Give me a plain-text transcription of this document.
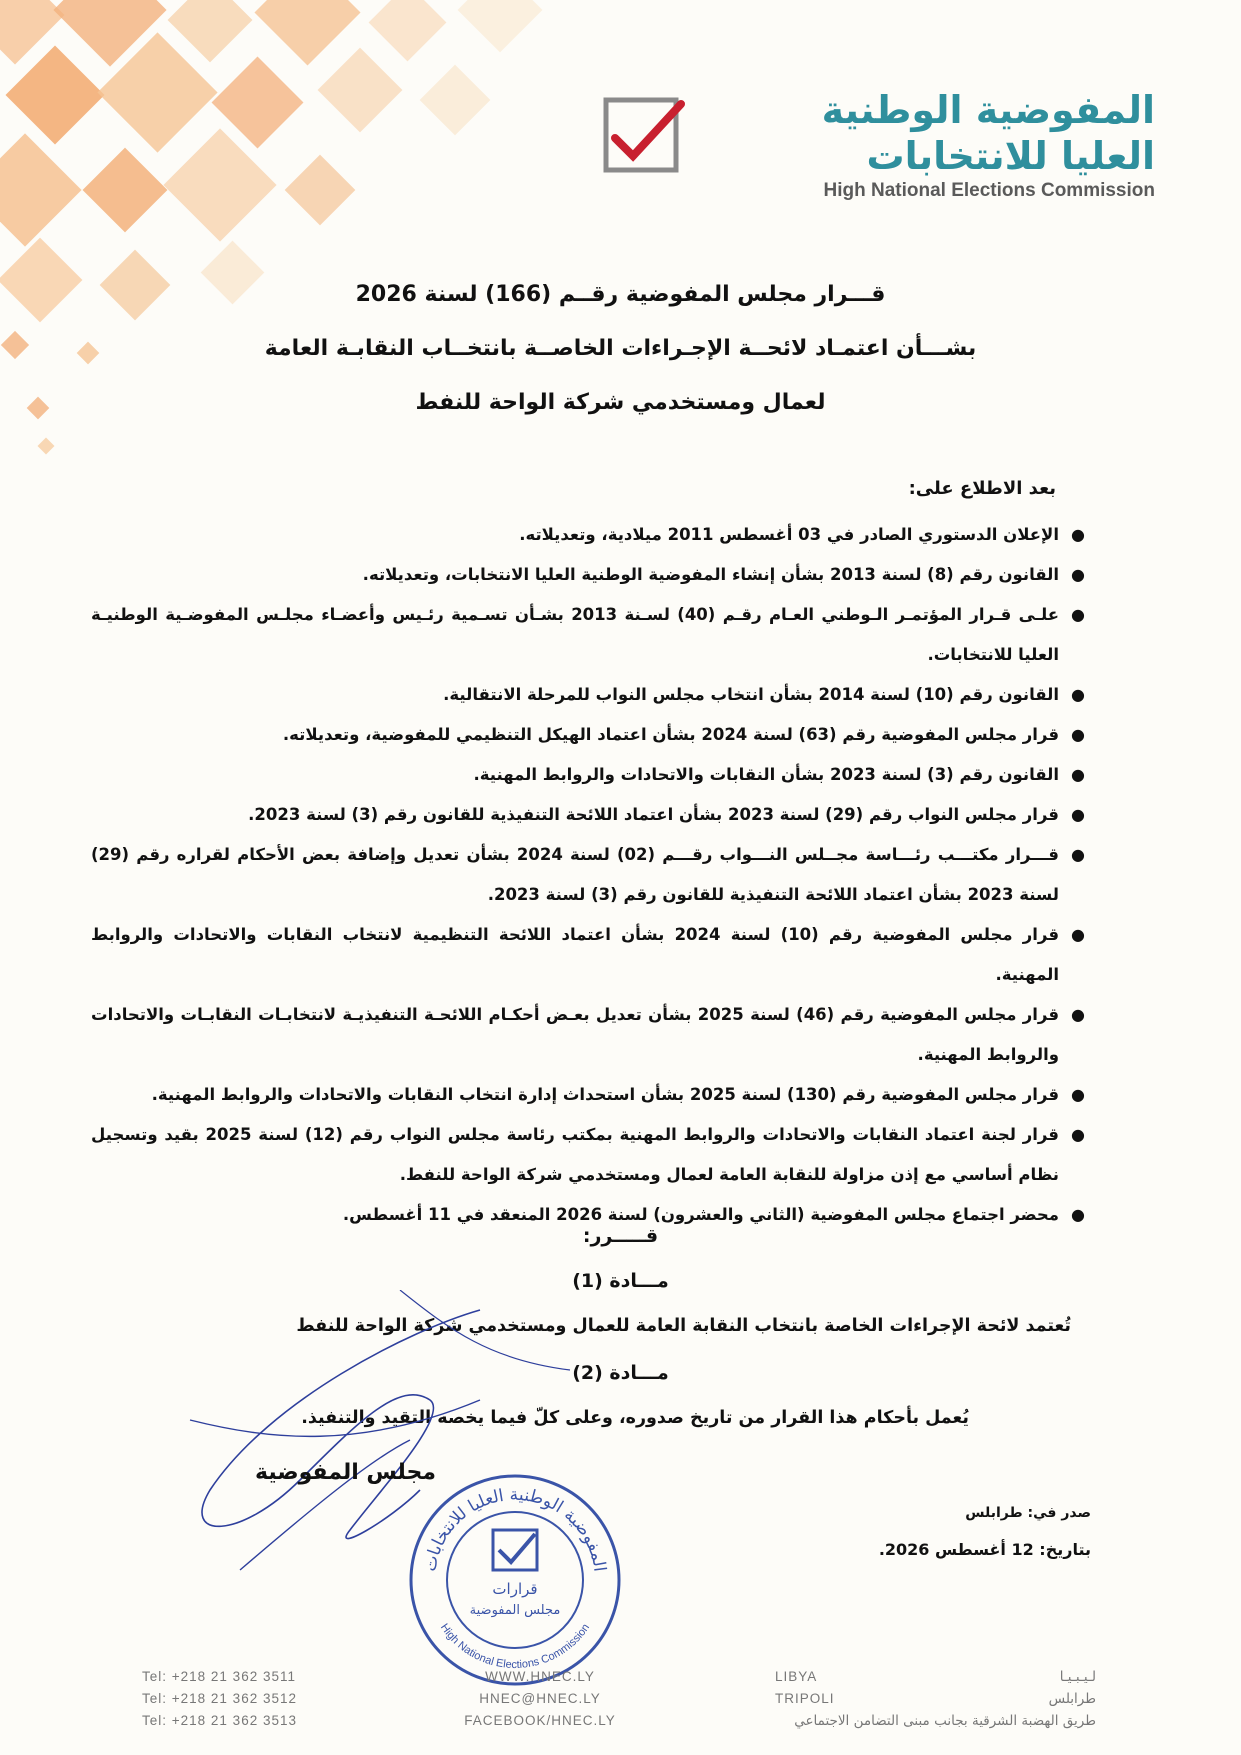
المفوضية الوطنية
العليا للانتخابات
High National Elections Commission
قـــرار مجلس المفوضية رقــم (166) لسنة 2026
بشـــأن اعتمـاد لائحــة الإجـراءات الخاصــة بانتخــاب النقابـة العامة
لعمال ومستخدمي شركة الواحة للنفط
بعد الاطلاع على:
●
الإعلان الدستوري الصادر في 03 أغسطس 2011 ميلادية، وتعديلاته.
●
القانون رقم (8) لسنة 2013 بشأن إنشاء المفوضية الوطنية العليا الانتخابات، وتعديلاته.
●
علـى قـرار المؤتمـر الـوطني العـام رقـم (40) لسـنة 2013 بشـأن تسـمية رئـيس وأعضـاء مجلـس المفوضـية الوطنيـة العليا للانتخابات.
●
القانون رقم (10) لسنة 2014 بشأن انتخاب مجلس النواب للمرحلة الانتقالية.
●
قرار مجلس المفوضية رقم (63) لسنة 2024 بشأن اعتماد الهيكل التنظيمي للمفوضية، وتعديلاته.
●
القانون رقم (3) لسنة 2023 بشأن النقابات والاتحادات والروابط المهنية.
●
قرار مجلس النواب رقم (29) لسنة 2023 بشأن اعتماد اللائحة التنفيذية للقانون رقم (3) لسنة 2023.
●
قـــرار مكتـــب رئـــاسة مجــلس النـــواب رقـــم (02) لسنة 2024 بشأن تعديل وإضافة بعض الأحكام لقراره رقم (29) لسنة 2023 بشأن اعتماد اللائحة التنفيذية للقانون رقم (3) لسنة 2023.
●
قرار مجلس المفوضية رقم (10) لسنة 2024 بشأن اعتماد اللائحة التنظيمية لانتخاب النقابات والاتحادات والروابط المهنية.
●
قرار مجلس المفوضية رقم (46) لسنة 2025 بشأن تعديل بعـض أحكـام اللائحـة التنفيذيـة لانتخابـات النقابـات والاتحادات والروابط المهنية.
●
قرار مجلس المفوضية رقم (130) لسنة 2025 بشأن استحداث إدارة انتخاب النقابات والاتحادات والروابط المهنية.
●
قرار لجنة اعتماد النقابات والاتحادات والروابط المهنية بمكتب رئاسة مجلس النواب رقم (12) لسنة 2025 بقيد وتسجيل نظام أساسي مع إذن مزاولة للنقابة العامة لعمال ومستخدمي شركة الواحة للنفط.
●
محضر اجتماع مجلس المفوضية (الثاني والعشرون) لسنة 2026 المنعقد في 11 أغسطس.
قـــــرر:
مـــادة (1)
تُعتمد لائحة الإجراءات الخاصة بانتخاب النقابة العامة للعمال ومستخدمي شركة الواحة للنفط
مـــادة (2)
يُعمل بأحكام هذا القرار من تاريخ صدوره، وعلى كلّ فيما يخصه التقيد والتنفيذ.
مجلس المفوضية
صدر في: طرابلس
بتاريخ: 12 أغسطس 2026.
المفوضية الوطنية العليا للانتخابات
High National Elections Commission
قرارات
مجلس المفوضية
Tel: +218 21 362 3511
Tel: +218 21 362 3512
Tel: +218 21 362 3513
WWW.HNEC.LY
HNEC@HNEC.LY
FACEBOOK/HNEC.LY
LIBYA
TRIPOLI
لـيـبـيـا
طرابلس
طريق الهضبة الشرقية بجانب مبنى التضامن الاجتماعي
